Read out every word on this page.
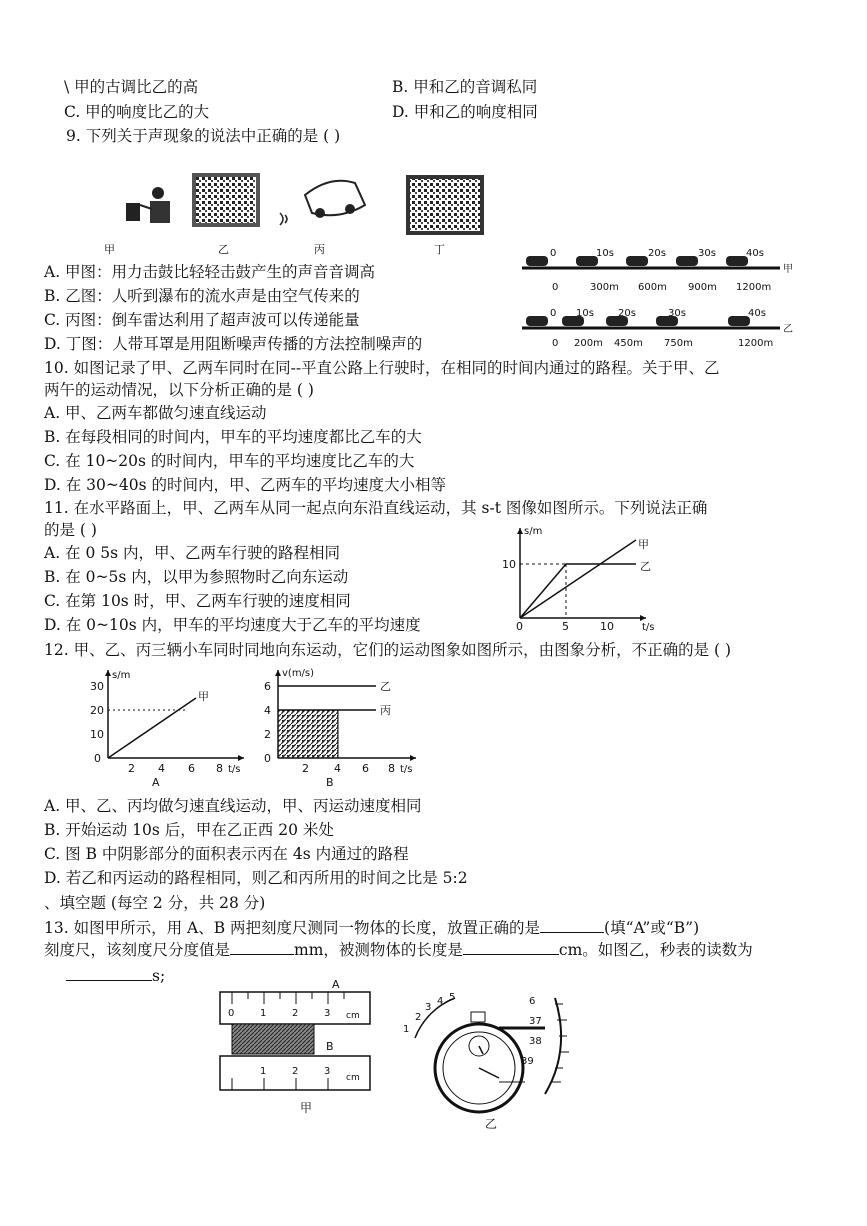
\ 甲的古调比乙的高	B. 甲和乙的音调私同
C. 甲的响度比乙的大	D. 甲和乙的响度相同
9. 下列关于声现象的说法中正确的是 ( )
甲	乙	丙	丁
A. 甲图：用力击鼓比轻轻击鼓产生的声音音调高
B. 乙图：人听到瀑布的流水声是由空气传来的
C. 丙图：倒车雷达利用了超声波可以传递能量
D. 丁图：人带耳罩是用阻断噪声传播的方法控制噪声的
0	10s	20s	30s	40s
甲
0	300m 600m 900m 1200m
0 10s 20s	30s	40s
乙
0 200m 450m 750m	1200m
10. 如图记录了甲、乙两车同时在同--平直公路上行驶时，在相同的时间内通过的路程。关于甲、乙
两午的运动情况，以下分析正确的是 ( )
A. 甲、乙两车都做匀速直线运动
B. 在每段相同的时间内，甲车的平均速度都比乙车的大
C. 在 10~20s 的时间内，甲车的平均速度比乙车的大
D. 在 30~40s 的时间内，甲、乙两车的平均速度大小相等
11. 在水平路面上，甲、乙两车从同一起点向东沿直线运动，其 s-t 图像如图所示。下列说法正确
的是 ( )
A. 在 0 5s 内，甲、乙两车行驶的路程相同
B. 在 0~5s 内，以甲为参照物时乙向东运动
C. 在第 10s 时，甲、乙两车行驶的速度相同
D. 在 0~10s 内，甲车的平均速度大于乙车的平均速度
s/m
t/s
10
0	5	10
甲
乙
12. 甲、乙、丙三辆小车同时同地向东运动，它们的运动图象如图所示，由图象分析，不正确的是 ( )
s/m
甲
30
20
10
0
2 4 6 8 t/s
A
v(m/s)
乙
丙
6
4
2
0
2 4 6 8 t/s
B
A. 甲、乙、丙均做匀速直线运动，甲、丙运动速度相同
B. 开始运动 10s 后，甲在乙正西 20 米处
C. 图 B 中阴影部分的面积表示丙在 4s 内通过的路程
D. 若乙和丙运动的路程相同，则乙和丙所用的时间之比是 5:2
、填空题 (每空 2 分，共 28 分)
13. 如图甲所示，用 A、B 两把刻度尺测同一物体的长度，放置正确的是	(填“A”或“B”)
刻度尺，该刻度尺分度值是	mm，被测物体的长度是	cm。如图乙，秒表的读数为
s;	A
0	1	2	3 cm
B
1	2	3
cm
甲
1
2
3
4 5	6
37
38
39
乙
